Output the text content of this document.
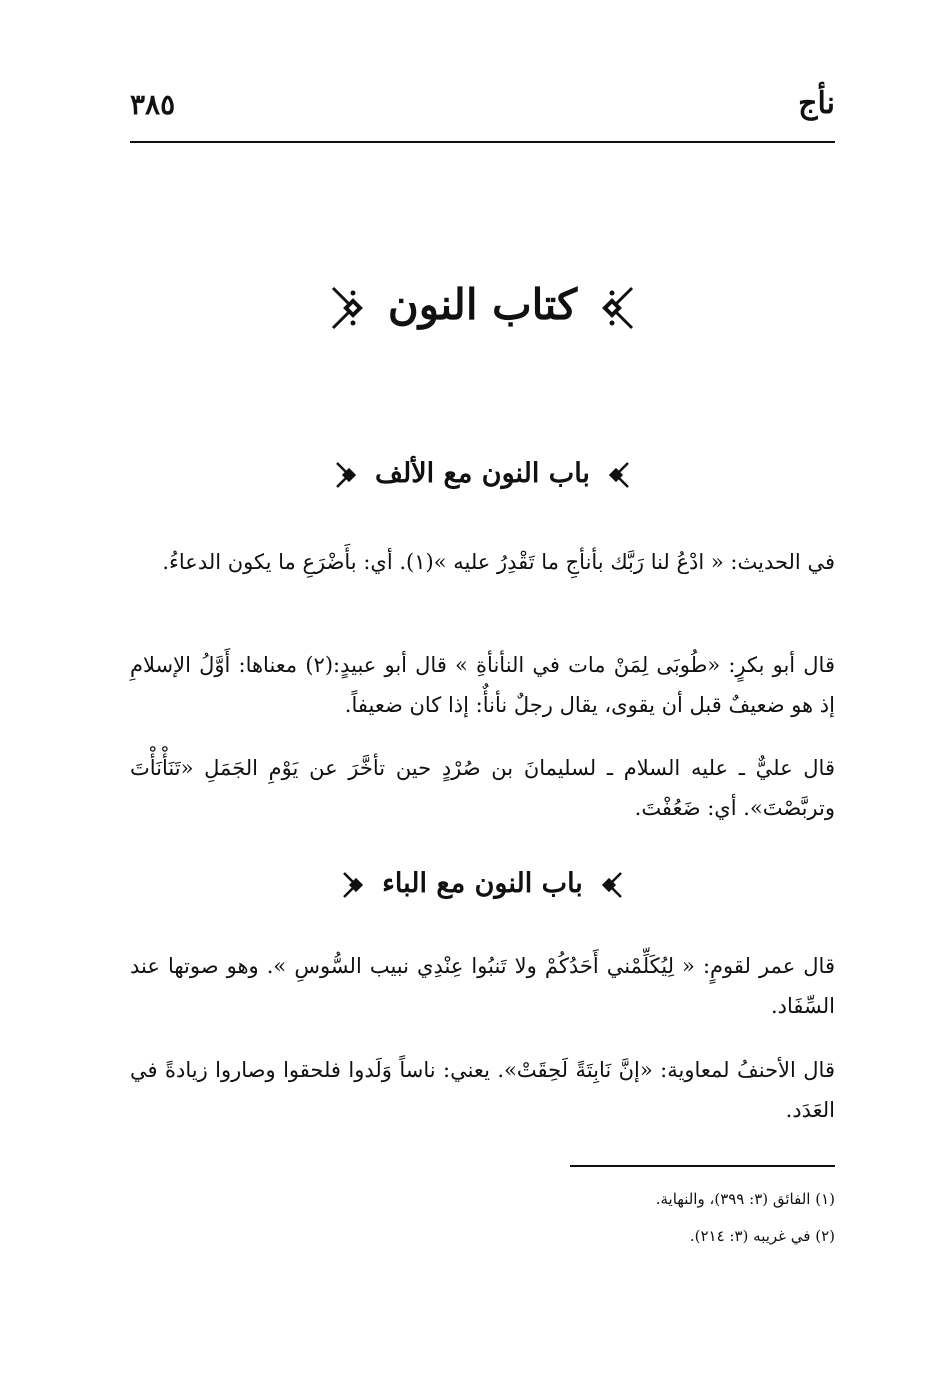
نأج
٣٨٥
كتاب النون
باب النون مع الألف
في الحديث: « ادْعُ لنا رَبَّك بأنأجِ ما تَقْدِرُ عليه »(١). أي: بأَضْرَعِ ما يكون الدعاءُ.
قال أبو بكرٍ: «طُوبَى لِمَنْ مات في النأنأةِ » قال أبو عبيدٍ:(٢) معناها: أَوَّلُ الإسلامِ إذ هو ضعيفٌ قبل أن يقوى، يقال رجلٌ نأنأٌ: إذا كان ضعيفاً.
قال عليٌّ ـ عليه السلام ـ لسليمانَ بن صُرْدٍ حين تأخَّرَ عن يَوْمِ الجَمَلِ «تَنَأْنَأْتَ وتربَّصْتَ». أي: ضَعُفْتَ.
باب النون مع الباء
قال عمر لقومٍ: « لِيُكَلِّمْني أَحَدُكُمْ ولا تَنبُوا عِنْدِي نبيب السُّوسِ ». وهو صوتها عند السِّفَاد.
قال الأحنفُ لمعاوية: «إنَّ نَابِتَةً لَحِقَتْ». يعني: ناساً وَلَدوا فلحقوا وصاروا زيادةً في العَدَد.
(١) الفائق (٣: ٣٩٩)، والنهاية.
(٢) في غريبه (٣: ٢١٤).
